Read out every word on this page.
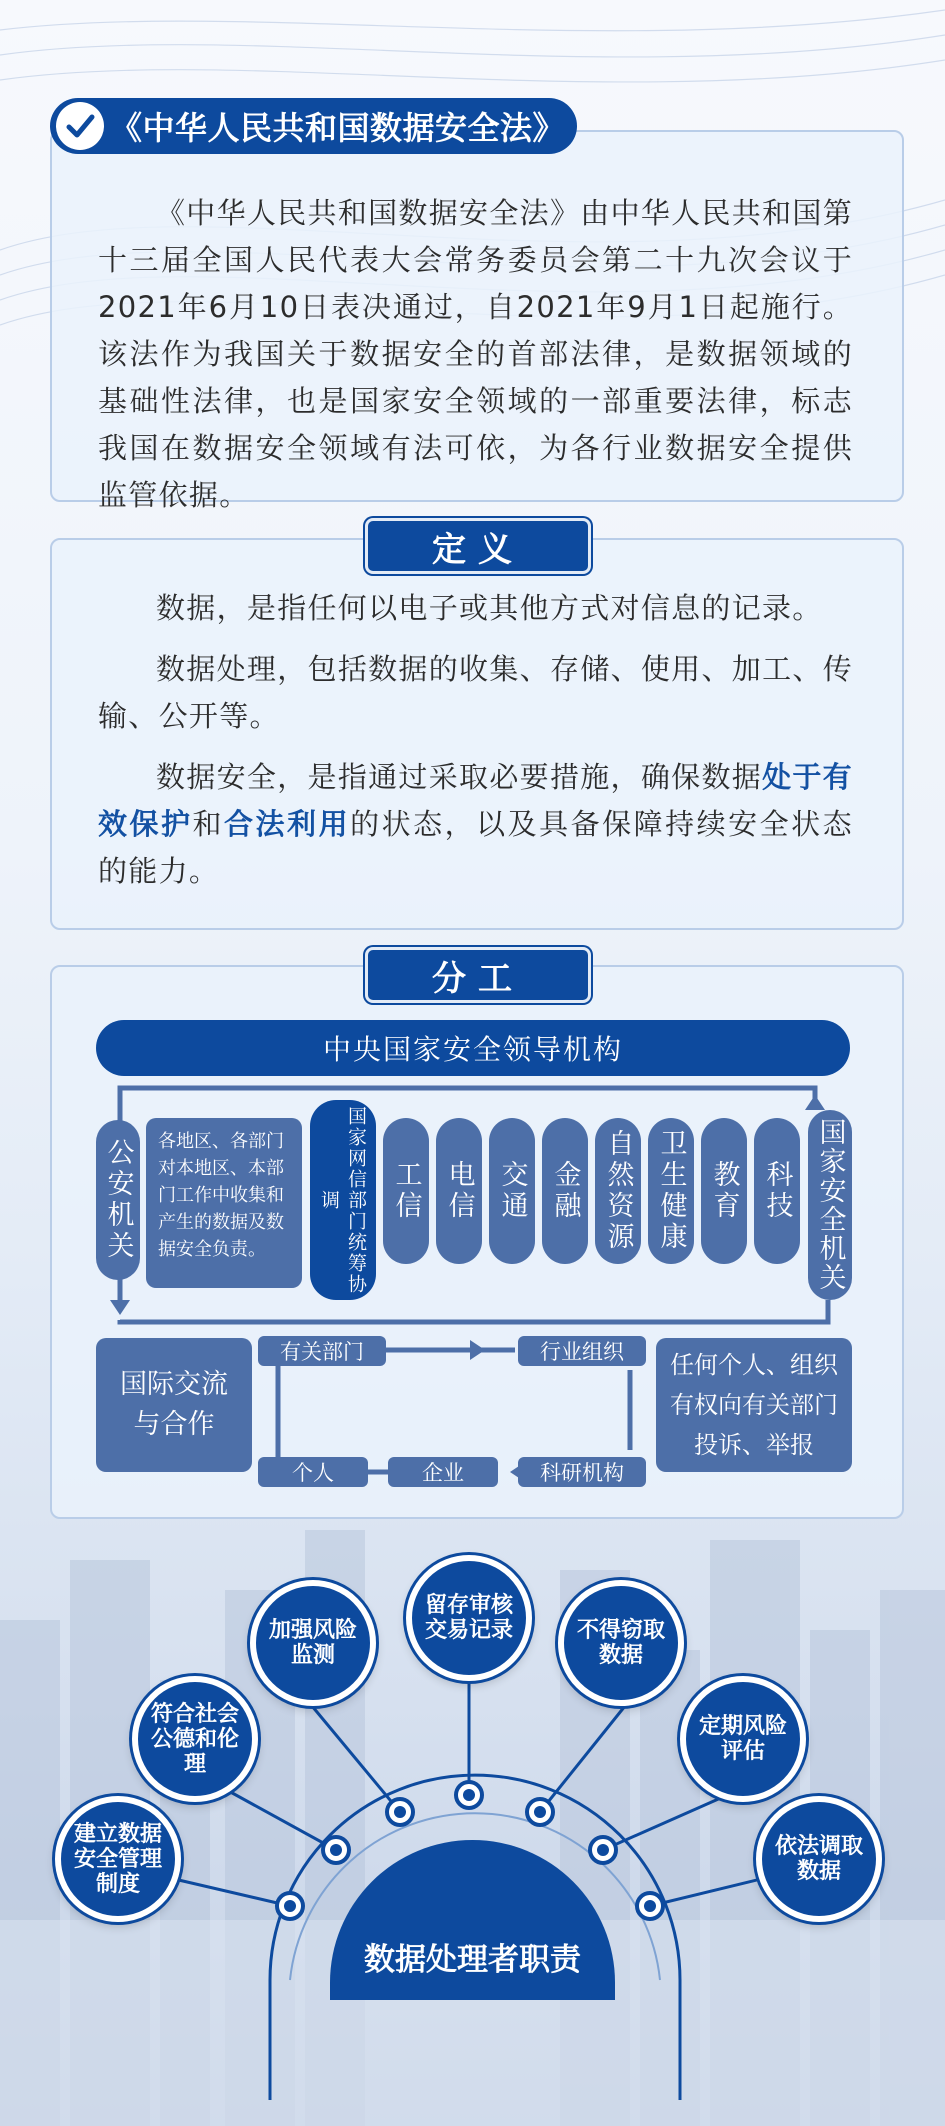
《中华人民共和国数据安全法》由中华人民共和国第十三届全国人民代表大会常务委员会第二十九次会议于2021年6月10日表决通过，自2021年9月1日起施行。该法作为我国关于数据安全的首部法律，是数据领域的基础性法律，也是国家安全领域的一部重要法律，标志我国在数据安全领域有法可依，为各行业数据安全提供监管依据。

《中华人民共和国数据安全法》

数据，是指任何以电子或其他方式对信息的记录。

数据处理，包括数据的收集、存储、使用、加工、传输、公开等。

数据安全，是指通过采取必要措施，确保数据处于有效保护和合法利用的状态，以及具备保障持续安全状态的能力。

定义
分工
中央国家安全领导机构
公安机关	各地区、各部门对本地区、本部门工作中收集和产生的数据及数据安全负责。	国家网信部门统筹协调	工信 电信 交通 金融 自然资源 卫生健康 教育 科技 国家安全机关
国际交流与合作
有关部门	行业组织
科研机构
企业
个人
任何个人、组织有权向有关部门投诉、举报
建立数据安全管理制度
符合社会公德和伦理
加强风险监测
留存审核交易记录	不得窃取数据
定期风险评估
依法调取数据
数据处理者职责
